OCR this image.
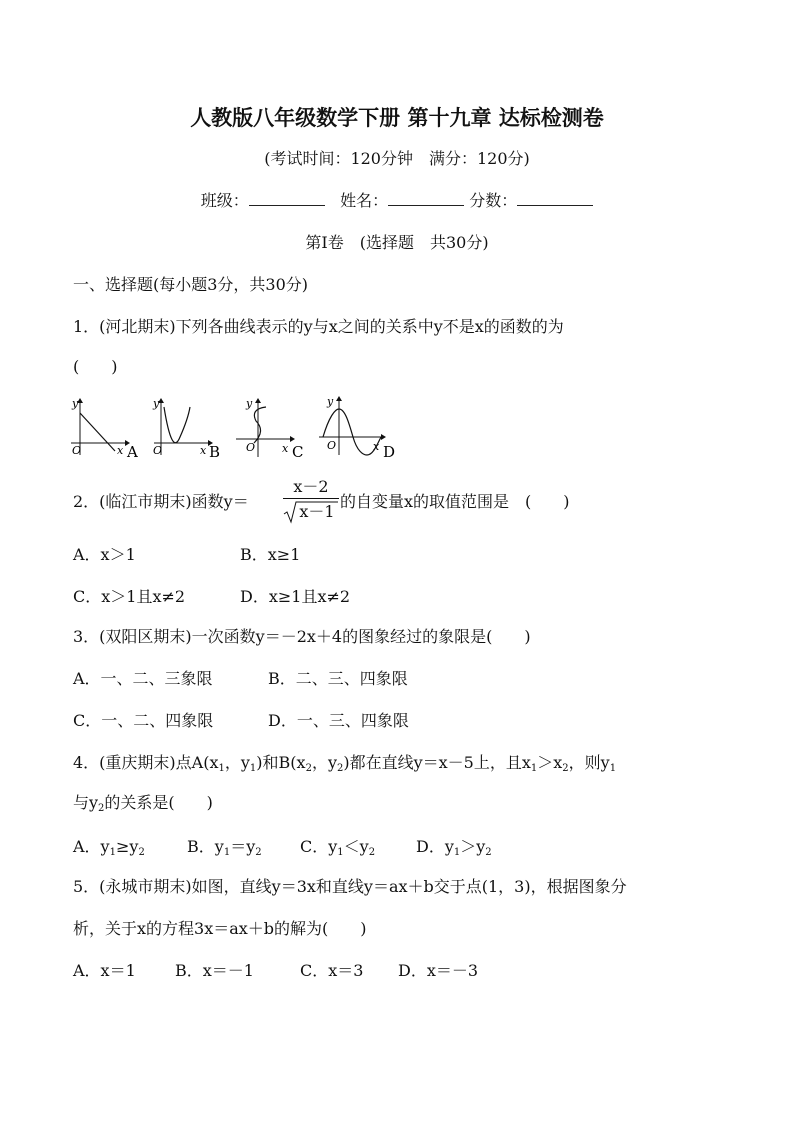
人教版八年级数学下册 第十九章 达标检测卷
(考试时间：120分钟　满分：120分)
班级：	姓名：	分数：
第Ⅰ卷　(选择题　共30分)
一、选择题(每小题3分，共30分)
1．(河北期末)下列各曲线表示的y与x之间的关系中y不是x的函数的为
(　　)
y
O	x A
y
O	x B
y
O x C
y
O	x D
2．(临江市期末)函数y＝
x－2
x－1
的自变量x的取值范围是　(　　)
A．x＞1	B．x≥1
C．x＞1且x≠2	D．x≥1且x≠2
3．(双阳区期末)一次函数y＝－2x＋4的图象经过的象限是(　　)
A．一、二、三象限	B．二、三、四象限
C．一、二、四象限	D．一、三、四象限
4．(重庆期末)点$A(x_1$，$y_1$)和$B(x_2$，$y_2$)都在直线y＝x－5上，且$x_1>x_2$，则$y_1$
与$y_2$的关系是(　　)
A．$y_1\ge y_2$	B．$y_1=y_2$ C．$y_1<y_2$	D．$y_1>y_2$
5．(永城市期末)如图，直线y＝3x和直线y＝ax＋b交于点(1，3)，根据图象分
析，关于x的方程3x＝ax＋b的解为(　　)
A．x＝1 B．x＝－1	C．x＝3 D．x＝－3
